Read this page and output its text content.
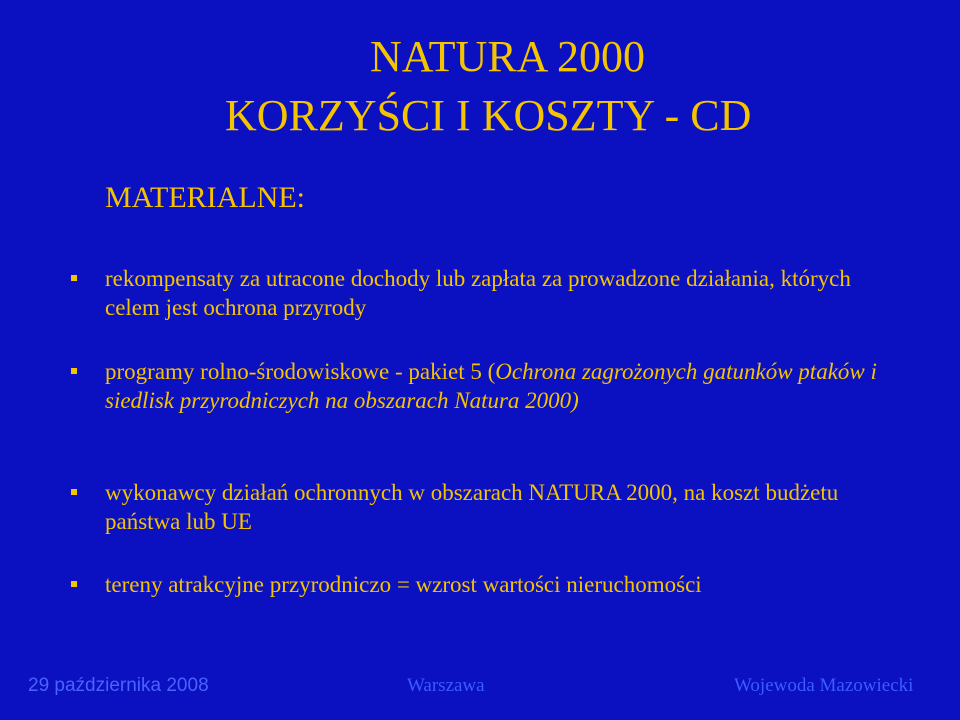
NATURA 2000
KORZYŚCI I KOSZTY - CD
MATERIALNE:
rekompensaty za utracone dochody lub zapłata za prowadzone działania, których celem jest ochrona przyrody
programy rolno-środowiskowe - pakiet 5 (Ochrona zagrożonych gatunków ptaków i siedlisk przyrodniczych na obszarach Natura 2000)
wykonawcy działań ochronnych w obszarach NATURA 2000, na koszt budżetu państwa lub UE
tereny atrakcyjne przyrodniczo = wzrost wartości nieruchomości
29 października 2008	Warszawa	Wojewoda Mazowiecki
